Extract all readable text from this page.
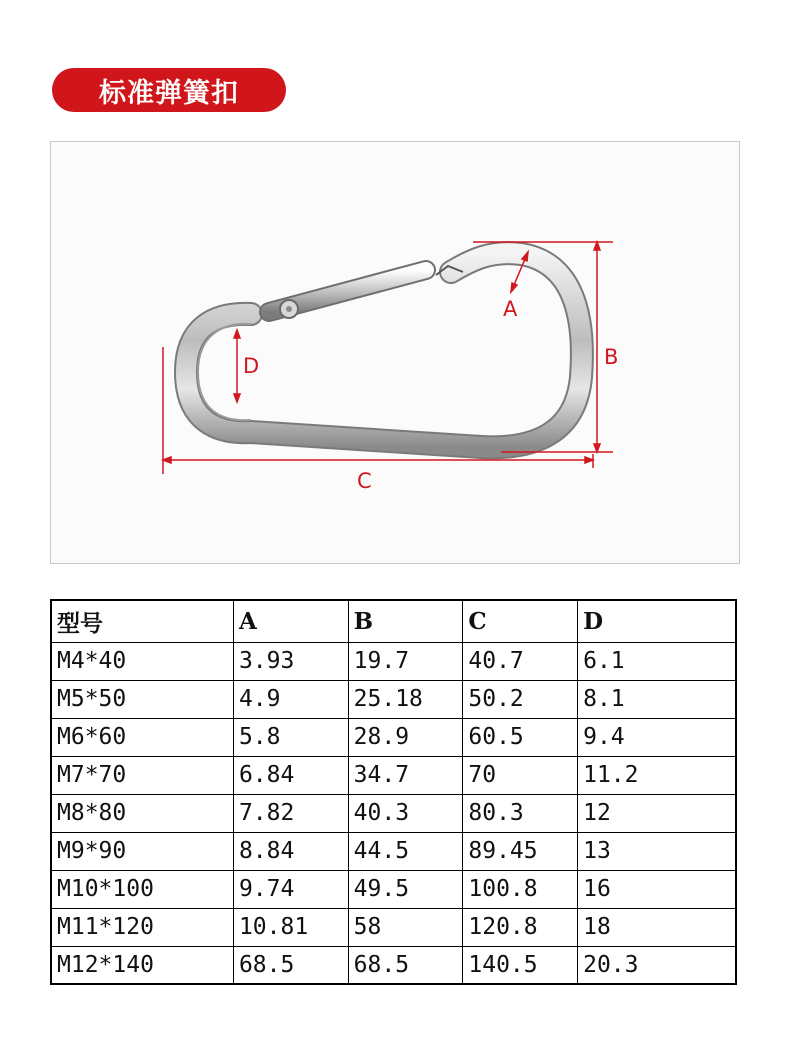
标准弹簧扣
A
B
C
D
型号	A	B	C	D
M4*40	3.93	19.7	40.7	6.1
M5*50	4.9	25.18	50.2	8.1
M6*60	5.8	28.9	60.5	9.4
M7*70	6.84	34.7	70	11.2
M8*80	7.82	40.3	80.3	12
M9*90	8.84	44.5	89.45	13
M10*100	9.74	49.5	100.8	16
M11*120	10.81	58	120.8	18
M12*140	68.5	68.5	140.5	20.3
